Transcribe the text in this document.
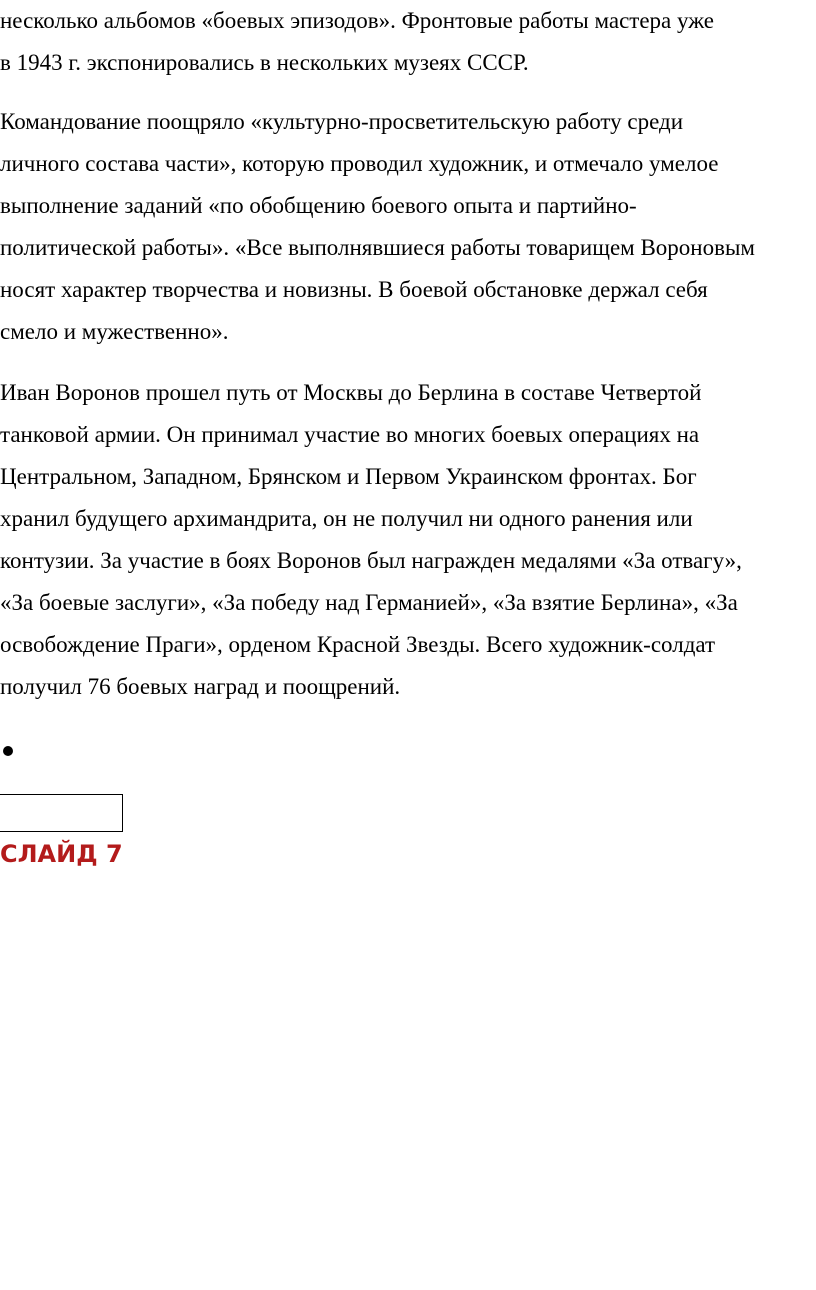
несколько альбомов «боевых эпизодов». Фронтовые работы мастера уже
в 1943 г. экспонировались в нескольких музеях СССР.
Командование поощряло «культурно-просветительскую работу среди
личного состава части», которую проводил художник, и отмечало умелое
выполнение заданий «по обобщению боевого опыта и партийно-
политической работы». «Все выполнявшиеся работы товарищем Вороновым
носят характер творчества и новизны. В боевой обстановке держал себя
смело и мужественно».
Иван Воронов прошел путь от Москвы до Берлина в составе Четвертой
танковой армии. Он принимал участие во многих боевых операциях на
Центральном, Западном, Брянском и Первом Украинском фронтах. Бог
хранил будущего архимандрита, он не получил ни одного ранения или
контузии. За участие в боях Воронов был награжден медалями «За отвагу»,
«За боевые заслуги», «За победу над Германией», «За взятие Берлина», «За
освобождение Праги», орденом Красной Звезды. Всего художник-солдат
получил 76 боевых наград и поощрений.
СЛАЙД 7
